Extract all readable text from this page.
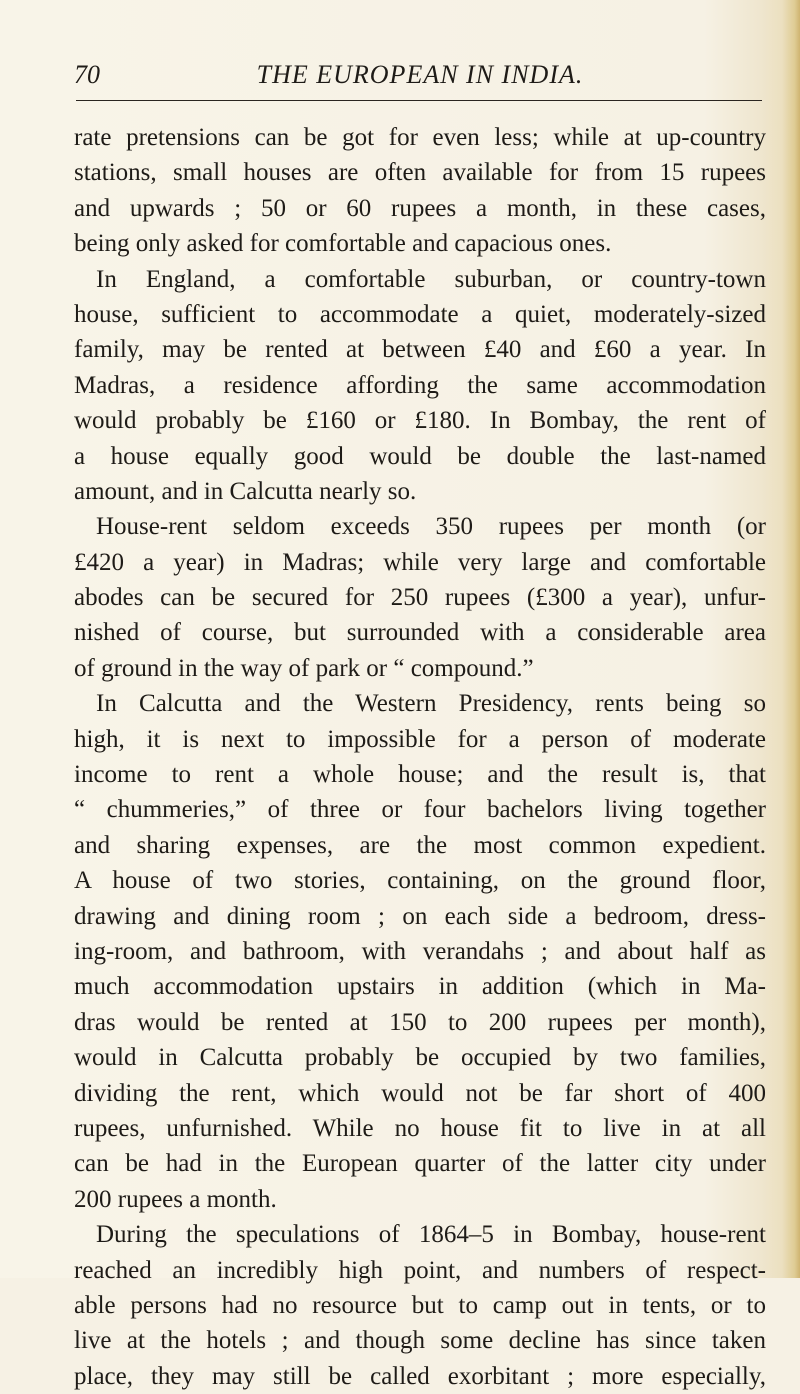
70	THE EUROPEAN IN INDIA.
rate pretensions can be got for even less; while at up-country
stations, small houses are often available for from 15 rupees
and upwards ; 50 or 60 rupees a month, in these cases,
being only asked for comfortable and capacious ones.
In England, a comfortable suburban, or country-town
house, sufficient to accommodate a quiet, moderately-sized
family, may be rented at between £40 and £60 a year. In
Madras, a residence affording the same accommodation
would probably be £160 or £180. In Bombay, the rent of
a house equally good would be double the last-named
amount, and in Calcutta nearly so.
House-rent seldom exceeds 350 rupees per month (or
£420 a year) in Madras; while very large and comfortable
abodes can be secured for 250 rupees (£300 a year), unfur-
nished of course, but surrounded with a considerable area
of ground in the way of park or “ compound.”
In Calcutta and the Western Presidency, rents being so
high, it is next to impossible for a person of moderate
income to rent a whole house; and the result is, that
“ chummeries,” of three or four bachelors living together
and sharing expenses, are the most common expedient.
A house of two stories, containing, on the ground floor,
drawing and dining room ; on each side a bedroom, dress-
ing-room, and bathroom, with verandahs ; and about half as
much accommodation upstairs in addition (which in Ma-
dras would be rented at 150 to 200 rupees per month),
would in Calcutta probably be occupied by two families,
dividing the rent, which would not be far short of 400
rupees, unfurnished. While no house fit to live in at all
can be had in the European quarter of the latter city under
200 rupees a month.
During the speculations of 1864–5 in Bombay, house-rent
reached an incredibly high point, and numbers of respect-
able persons had no resource but to camp out in tents, or to
live at the hotels ; and though some decline has since taken
place, they may still be called exorbitant ; more especially,
